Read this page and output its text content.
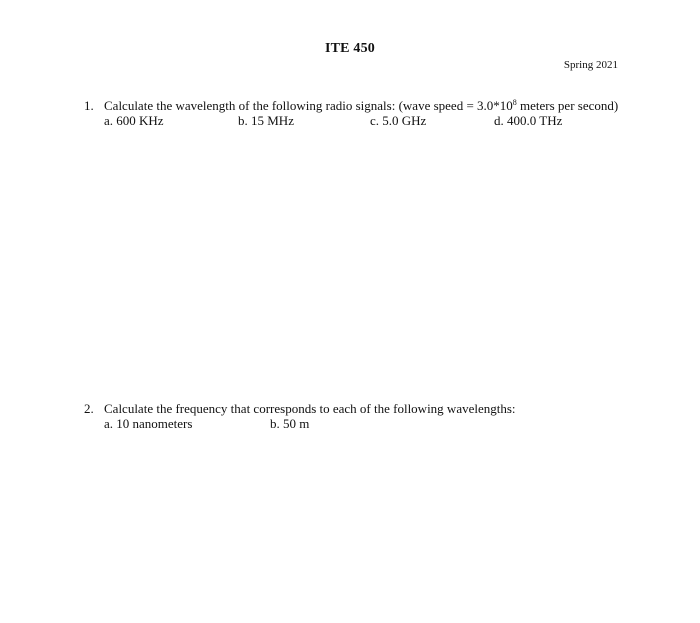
ITE 450
Spring 2021
1. Calculate the wavelength of the following radio signals: (wave speed = $3.0*10^8$ meters per second)
a. 600 KHz	b. 15 MHz	c. 5.0 GHz	d. 400.0 THz
2. Calculate the frequency that corresponds to each of the following wavelengths:
a. 10 nanometers	b. 50 m
